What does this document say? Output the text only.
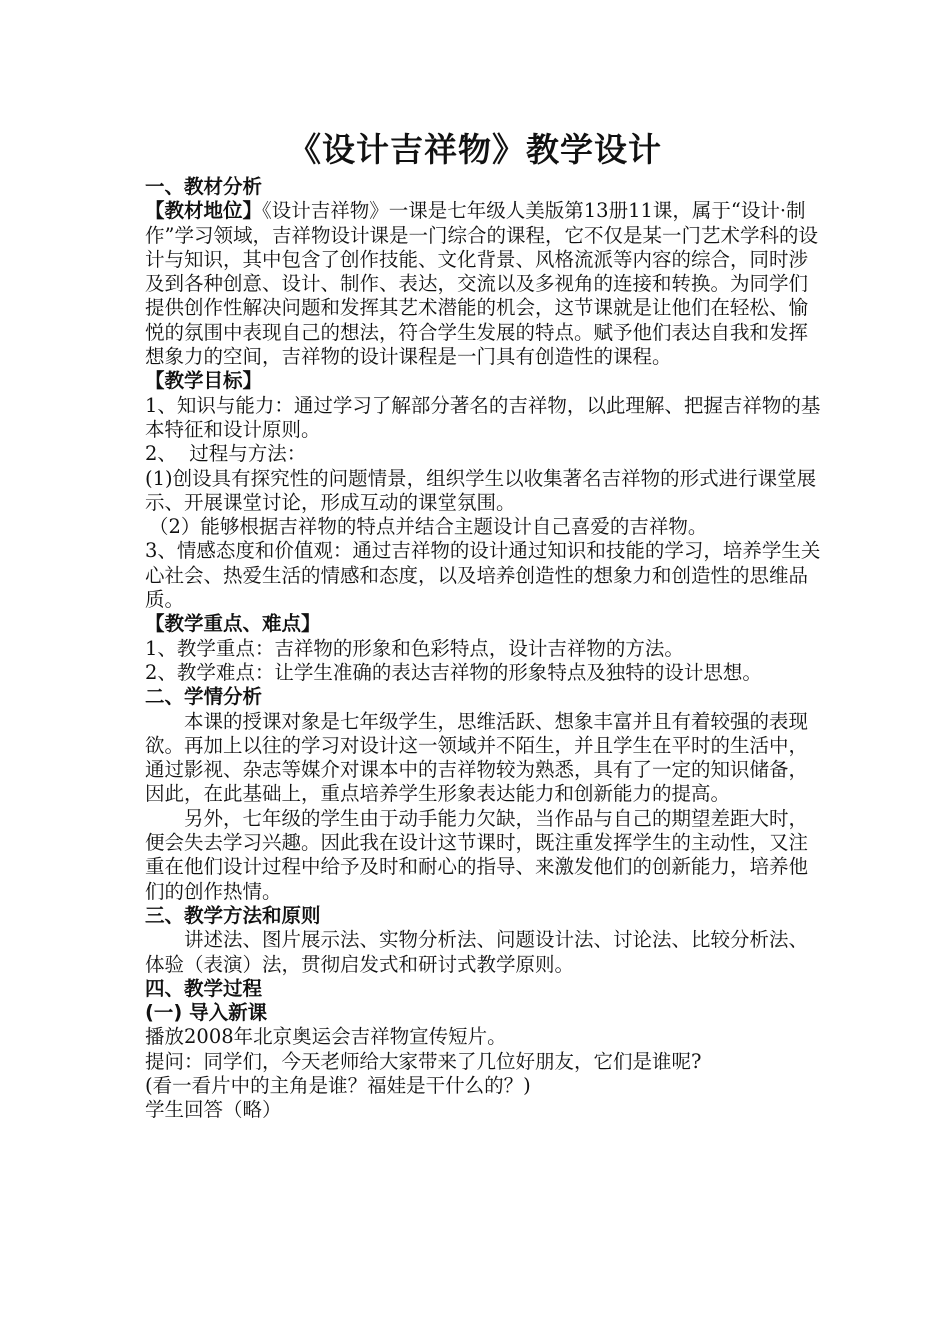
《设计吉祥物》教学设计

一、教材分析

【教材地位】《设计吉祥物》一课是七年级人美版第13册11课，属于“设计·制作”学习领域，吉祥物设计课是一门综合的课程，它不仅是某一门艺术学科的设计与知识，其中包含了创作技能、文化背景、风格流派等内容的综合，同时涉及到各种创意、设计、制作、表达，交流以及多视角的连接和转换。为同学们提供创作性解决问题和发挥其艺术潜能的机会，这节课就是让他们在轻松、愉悦的氛围中表现自己的想法，符合学生发展的特点。赋予他们表达自我和发挥想象力的空间，吉祥物的设计课程是一门具有创造性的课程。

【教学目标】

1、知识与能力：通过学习了解部分著名的吉祥物，以此理解、把握吉祥物的基本特征和设计原则。

2、  过程与方法：

(1)创设具有探究性的问题情景，组织学生以收集著名吉祥物的形式进行课堂展示、开展课堂讨论，形成互动的课堂氛围。

（2）能够根据吉祥物的特点并结合主题设计自己喜爱的吉祥物。

3、情感态度和价值观：通过吉祥物的设计通过知识和技能的学习，培养学生关心社会、热爱生活的情感和态度，以及培养创造性的想象力和创造性的思维品质。

【教学重点、难点】

1、教学重点：吉祥物的形象和色彩特点，设计吉祥物的方法。

2、教学难点：让学生准确的表达吉祥物的形象特点及独特的设计思想。

二、学情分析

本课的授课对象是七年级学生，思维活跃、想象丰富并且有着较强的表现欲。再加上以往的学习对设计这一领域并不陌生，并且学生在平时的生活中，通过影视、杂志等媒介对课本中的吉祥物较为熟悉，具有了一定的知识储备，因此，在此基础上，重点培养学生形象表达能力和创新能力的提高。

另外，七年级的学生由于动手能力欠缺，当作品与自己的期望差距大时，便会失去学习兴趣。因此我在设计这节课时，既注重发挥学生的主动性，又注重在他们设计过程中给予及时和耐心的指导、来激发他们的创新能力，培养他们的创作热情。

三、教学方法和原则

讲述法、图片展示法、实物分析法、问题设计法、讨论法、比较分析法、体验（表演）法，贯彻启发式和研讨式教学原则。

四、教学过程

(一) 导入新课

播放2008年北京奥运会吉祥物宣传短片。

提问：同学们，今天老师给大家带来了几位好朋友，它们是谁呢?

(看一看片中的主角是谁？福娃是干什么的？)

学生回答（略）
